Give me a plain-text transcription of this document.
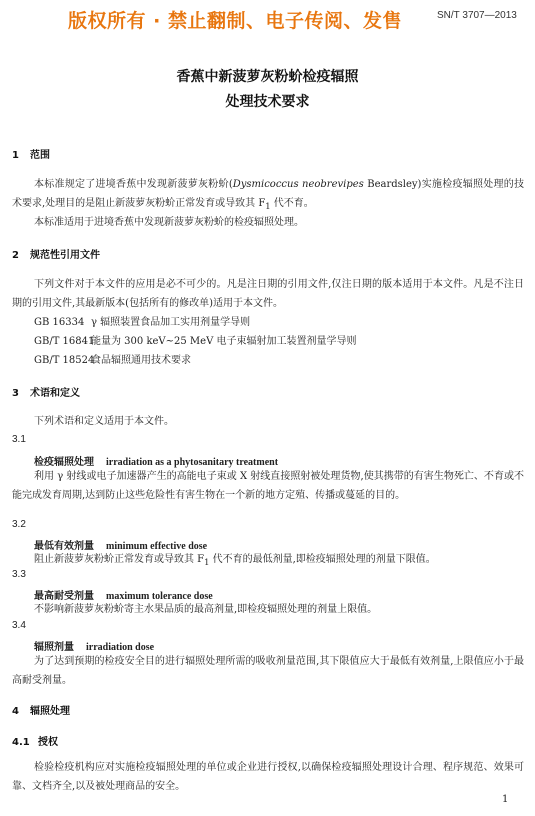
版权所有 · 禁止翻制、电子传阅、发售	SN/T 3707—2013
香蕉中新菠萝灰粉蚧检疫辐照
处理技术要求
1 范围

本标准规定了进境香蕉中发现新菠萝灰粉蚧(Dysmicoccus neobrevipes Beardsley)实施检疫辐照处理的技术要求,处理目的是阻止新菠萝灰粉蚧正常发育或导致其 $F_1$ 代不育。

本标准适用于进境香蕉中发现新菠萝灰粉蚧的检疫辐照处理。

2 规范性引用文件

下列文件对于本文件的应用是必不可少的。凡是注日期的引用文件,仅注日期的版本适用于本文件。凡是不注日期的引用文件,其最新版本(包括所有的修改单)适用于本文件。

GB 16334 γ 辐照装置食品加工实用剂量学导则
GB/T 16841能量为 300 keV~25 MeV 电子束辐射加工装置剂量学导则
GB/T 18524食品辐照通用技术要求
3 术语和定义

下列术语和定义适用于本文件。

3.1
检疫辐照处理 irradiation as a phytosanitary treatment

利用 γ 射线或电子加速器产生的高能电子束或 X 射线直接照射被处理货物,使其携带的有害生物死亡、不育或不能完成发育周期,达到防止这些危险性有害生物在一个新的地方定殖、传播或蔓延的目的。

3.2
最低有效剂量 minimum effective dose

阻止新菠萝灰粉蚧正常发育或导致其 $F_1$ 代不育的最低剂量,即检疫辐照处理的剂量下限值。

3.3
最高耐受剂量 maximum tolerance dose

不影响新菠萝灰粉蚧寄主水果品质的最高剂量,即检疫辐照处理的剂量上限值。

3.4
辐照剂量 irradiation dose

为了达到预期的检疫安全目的进行辐照处理所需的吸收剂量范围,其下限值应大于最低有效剂量,上限值应小于最高耐受剂量。

4 辐照处理
4.1 授权

检验检疫机构应对实施检疫辐照处理的单位或企业进行授权,以确保检疫辐照处理设计合理、程序规范、效果可靠、文档齐全,以及被处理商品的安全。

1
